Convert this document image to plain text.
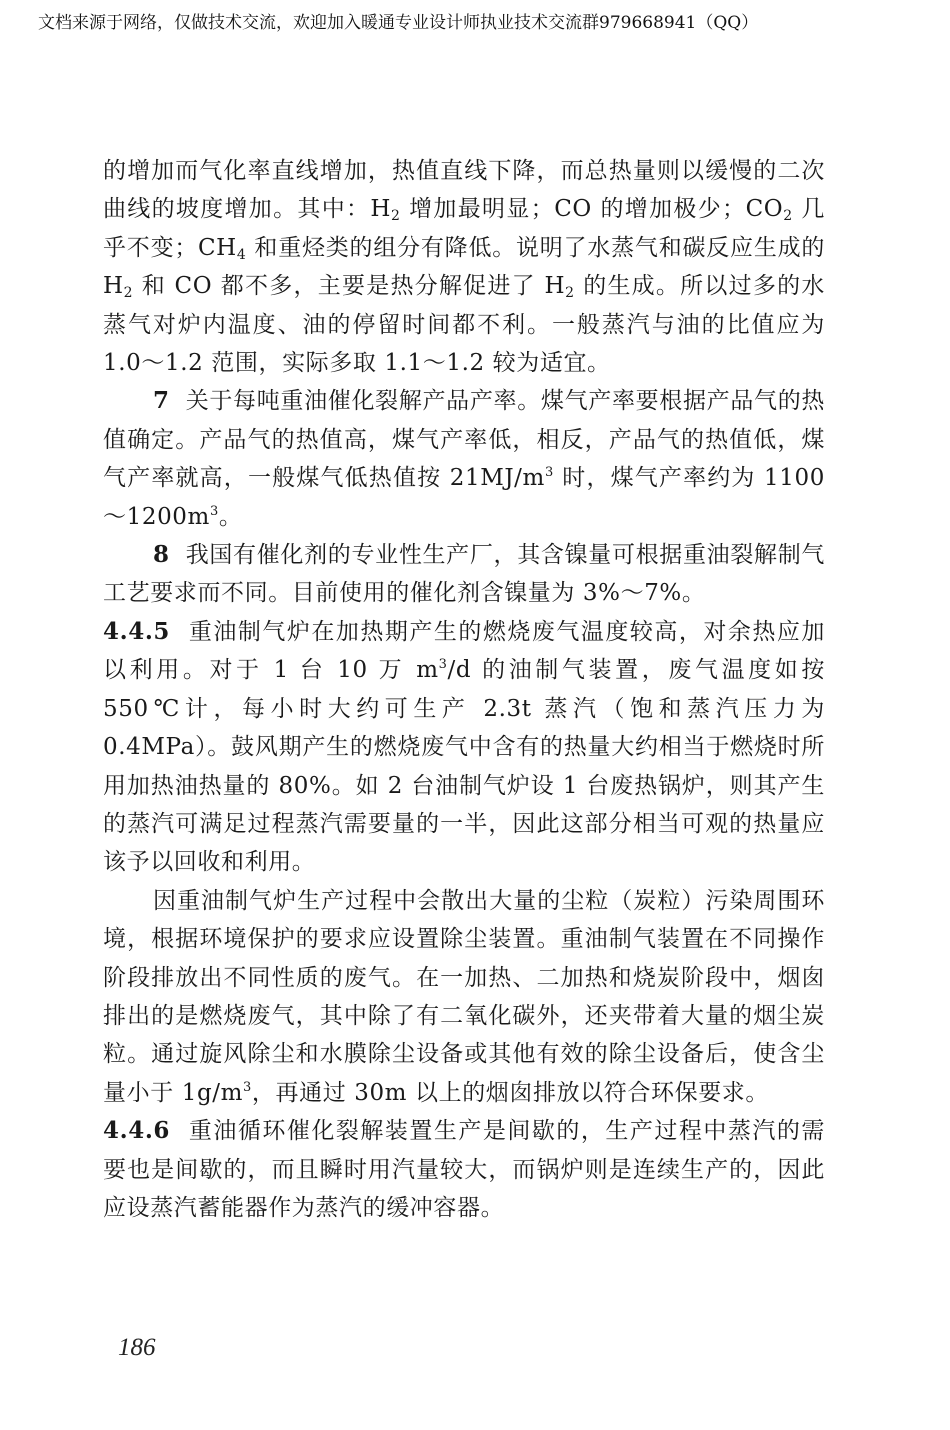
文档来源于网络，仅做技术交流，欢迎加入暖通专业设计师执业技术交流群979668941（QQ）

的增加而气化率直线增加，热值直线下降，而总热量则以缓慢的二次曲线的坡度增加。其中：$H_2$ 增加最明显；CO 的增加极少；$CO_2$ 几乎不变；$CH_4$ 和重烃类的组分有降低。说明了水蒸气和碳反应生成的 $H_2$ 和 CO 都不多，主要是热分解促进了 $H_2$ 的生成。所以过多的水蒸气对炉内温度、油的停留时间都不利。一般蒸汽与油的比值应为 1.0～1.2 范围，实际多取 1.1～1.2 较为适宜。

7 关于每吨重油催化裂解产品产率。煤气产率要根据产品气的热值确定。产品气的热值高，煤气产率低，相反，产品气的热值低，煤气产率就高，一般煤气低热值按 $21MJ/m^3$ 时，煤气产率约为 $1100\sim 1200m^3$。

8 我国有催化剂的专业性生产厂，其含镍量可根据重油裂解制气工艺要求而不同。目前使用的催化剂含镍量为 3%～7%。

4.4.5 重油制气炉在加热期产生的燃烧废气温度较高，对余热应加以利用。对于 1 台 10 万 $m^3/d$ 的油制气装置，废气温度如按 550℃计，每小时大约可生产 2.3t 蒸汽（饱和蒸汽压力为 0.4MPa）。鼓风期产生的燃烧废气中含有的热量大约相当于燃烧时所用加热油热量的 80%。如 2 台油制气炉设 1 台废热锅炉，则其产生的蒸汽可满足过程蒸汽需要量的一半，因此这部分相当可观的热量应该予以回收和利用。

因重油制气炉生产过程中会散出大量的尘粒（炭粒）污染周围环境，根据环境保护的要求应设置除尘装置。重油制气装置在不同操作阶段排放出不同性质的废气。在一加热、二加热和烧炭阶段中，烟囱排出的是燃烧废气，其中除了有二氧化碳外，还夹带着大量的烟尘炭粒。通过旋风除尘和水膜除尘设备或其他有效的除尘设备后，使含尘量小于 $1g/m^3$，再通过 30m 以上的烟囱排放以符合环保要求。

4.4.6 重油循环催化裂解装置生产是间歇的，生产过程中蒸汽的需要也是间歇的，而且瞬时用汽量较大，而锅炉则是连续生产的，因此应设蒸汽蓄能器作为蒸汽的缓冲容器。

186
